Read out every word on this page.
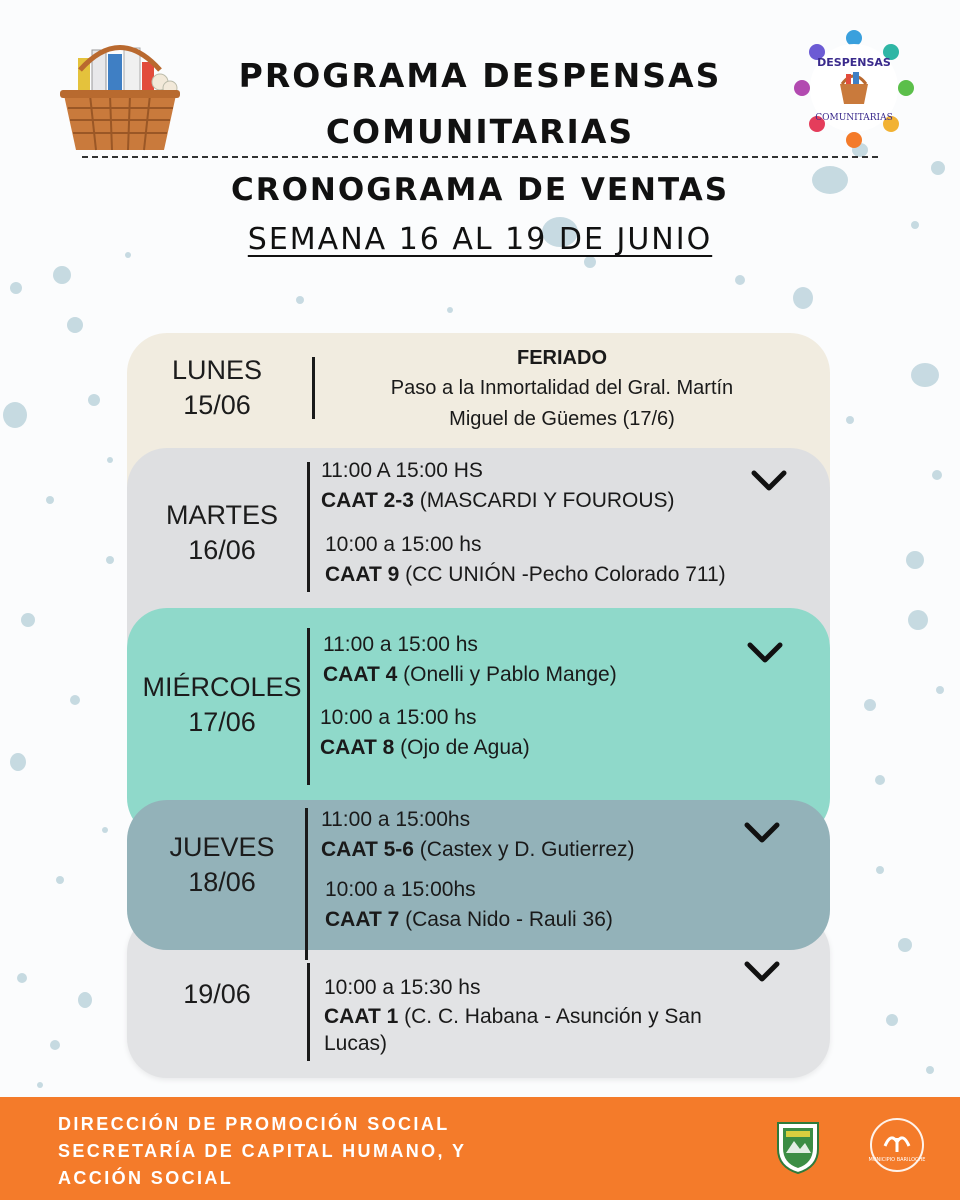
PROGRAMA DESPENSAS
COMUNITARIAS
DESPENSAS
COMUNITARIAS
CRONOGRAMA DE VENTAS
SEMANA 16 AL 19 DE JUNIO
LUNES
15/06
FERIADO
Paso a la Inmortalidad del Gral. Martín
Miguel de Güemes (17/6)
MARTES
16/06
11:00 A 15:00 HS
CAAT 2-3 (MASCARDI Y FOUROUS)
10:00 a 15:00 hs
CAAT 9 (CC UNIÓN -Pecho Colorado 711)
MIÉRCOLES
17/06
11:00 a 15:00 hs
CAAT 4 (Onelli y Pablo Mange)
10:00 a 15:00 hs
CAAT 8 (Ojo de Agua)
JUEVES
18/06
11:00 a 15:00hs
CAAT 5-6 (Castex y D. Gutierrez)
10:00 a 15:00hs
CAAT 7 (Casa Nido - Rauli 36)
19/06	10:00 a 15:30 hs
CAAT 1 (C. C. Habana - Asunción y San Lucas)
DIRECCIÓN DE PROMOCIÓN SOCIAL
SECRETARÍA DE CAPITAL HUMANO, Y
ACCIÓN SOCIAL
MUNICIPIO BARILOCHE
